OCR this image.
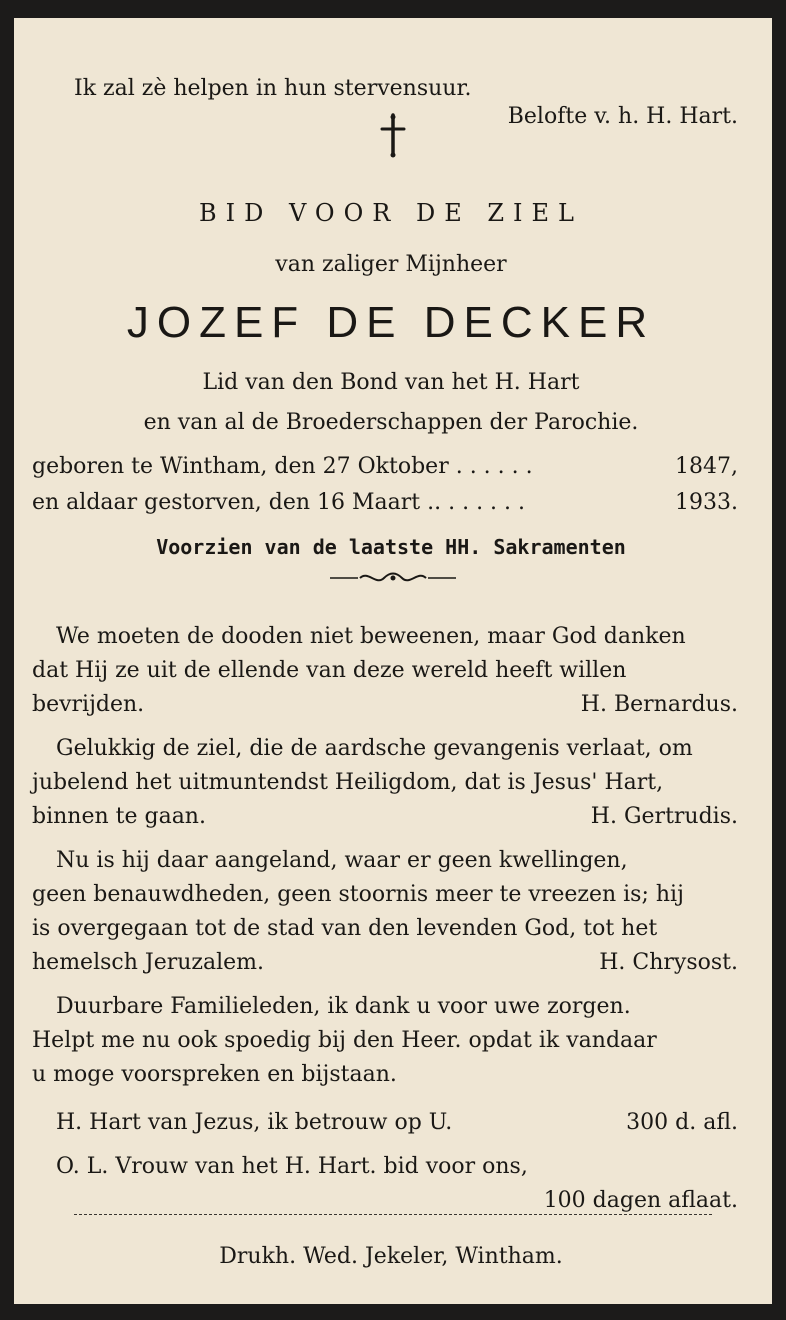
Ik zal zè helpen in hun stervensuur.
Belofte v. h. H. Hart.
BID VOOR DE ZIEL
van zaliger Mijnheer
JOZEF DE DECKER
Lid van den Bond van het H. Hart
en van al de Broederschappen der Parochie.
geboren te Wintham, den 27 Oktober . . . . . .	1847,
en aldaar gestorven, den 16 Maart .. . . . . . .	1933.
Voorzien van de laatste HH. Sakramenten
We moeten de dooden niet beweenen, maar God danken
dat Hij ze uit de ellende van deze wereld heeft willen
bevrijden.	H. Bernardus.
Gelukkig de ziel, die de aardsche gevangenis verlaat, om
jubelend het uitmuntendst Heiligdom, dat is Jesus' Hart,
binnen te gaan.	H. Gertrudis.
Nu is hij daar aangeland, waar er geen kwellingen,
geen benauwdheden, geen stoornis meer te vreezen is; hij
is overgegaan tot de stad van den levenden God, tot het
hemelsch Jeruzalem.	H. Chrysost.
Duurbare Familieleden, ik dank u voor uwe zorgen.
Helpt me nu ook spoedig bij den Heer. opdat ik vandaar
u moge voorspreken en bijstaan.
H. Hart van Jezus, ik betrouw op U.	300 d. afl.
O. L. Vrouw van het H. Hart. bid voor ons,
100 dagen aflaat.
Drukh. Wed. Jekeler, Wintham.
